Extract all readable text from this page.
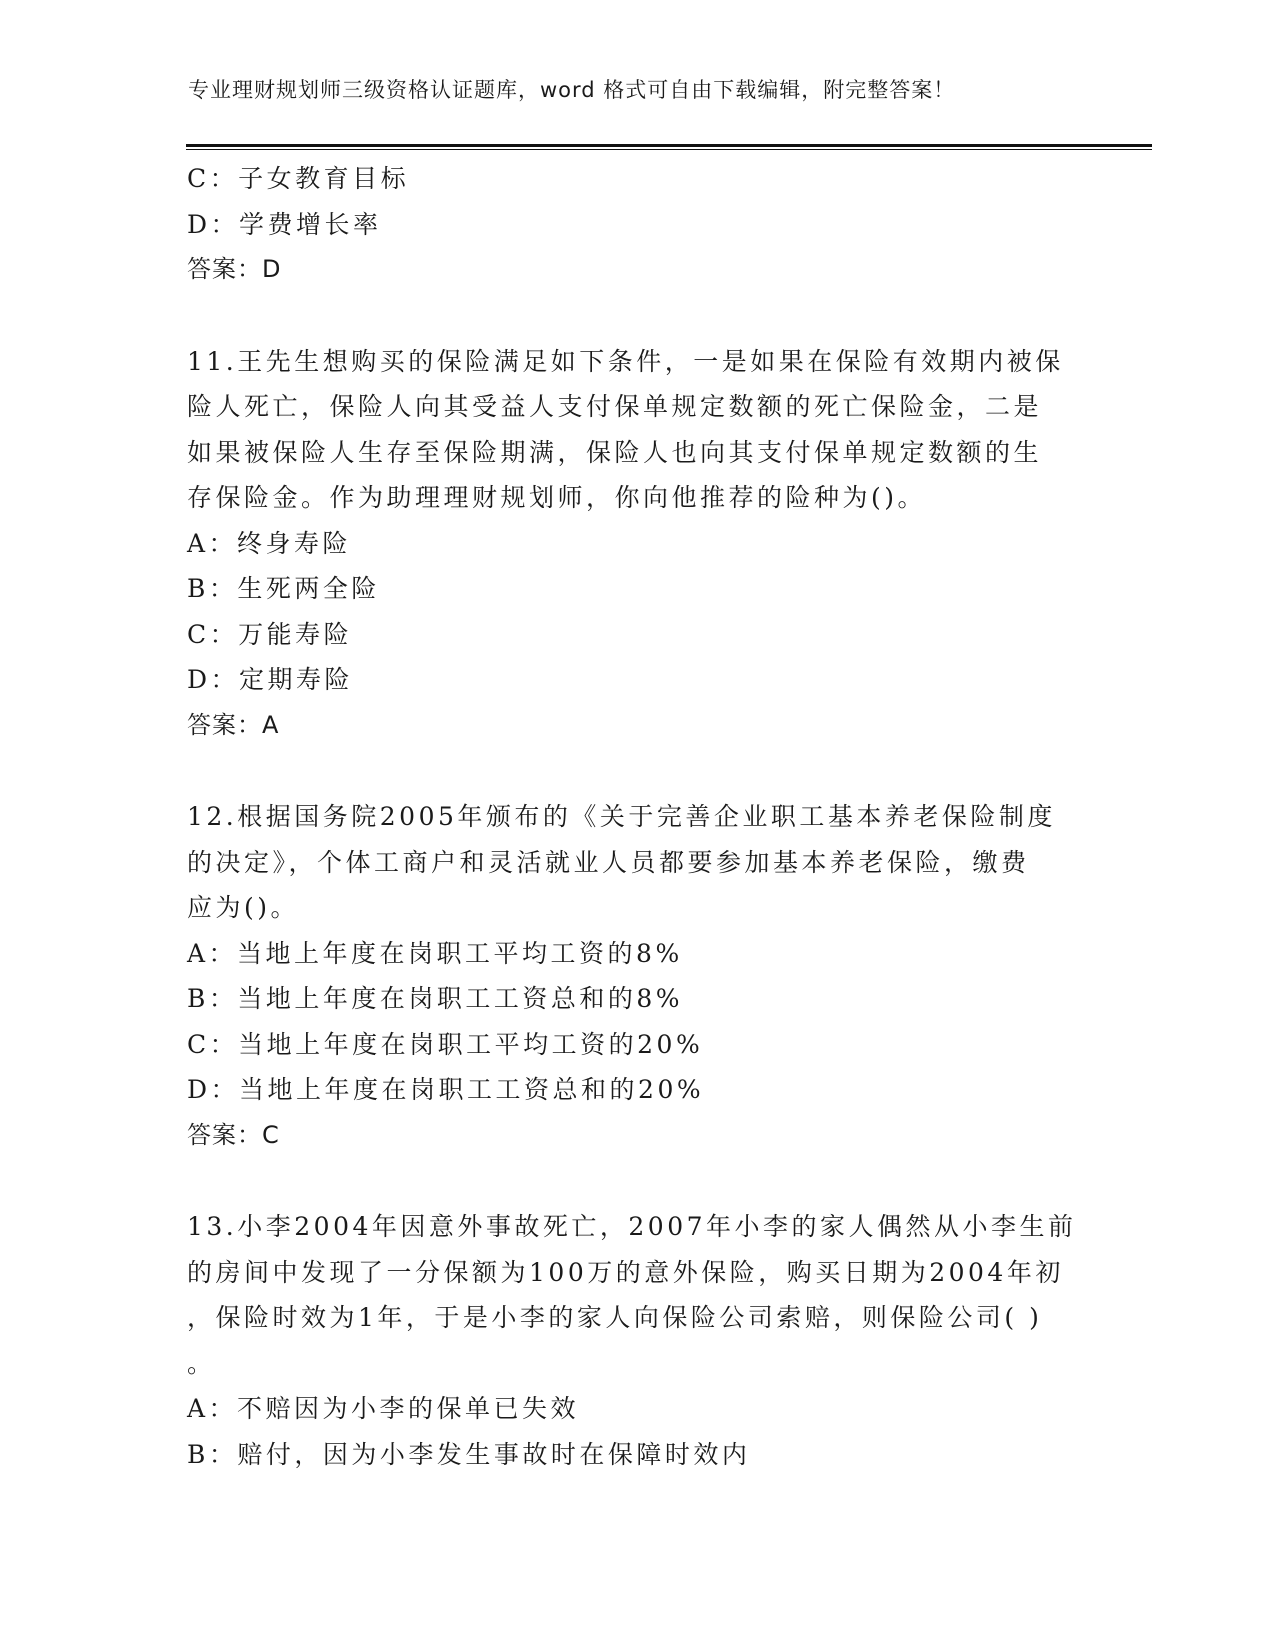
专业理财规划师三级资格认证题库，word 格式可自由下载编辑，附完整答案！
C：子女教育目标
D：学费增长率
答案：D
11.王先生想购买的保险满足如下条件，一是如果在保险有效期内被保
险人死亡，保险人向其受益人支付保单规定数额的死亡保险金，二是
如果被保险人生存至保险期满，保险人也向其支付保单规定数额的生
存保险金。作为助理理财规划师，你向他推荐的险种为()。
A：终身寿险
B：生死两全险
C：万能寿险
D：定期寿险
答案：A
12.根据国务院2005年颁布的《关于完善企业职工基本养老保险制度
的决定》，个体工商户和灵活就业人员都要参加基本养老保险，缴费
应为()。
A：当地上年度在岗职工平均工资的8%
B：当地上年度在岗职工工资总和的8%
C：当地上年度在岗职工平均工资的20%
D：当地上年度在岗职工工资总和的20%
答案：C
13.小李2004年因意外事故死亡，2007年小李的家人偶然从小李生前
的房间中发现了一分保额为100万的意外保险，购买日期为2004年初
，保险时效为1年，于是小李的家人向保险公司索赔，则保险公司( )
。
A：不赔因为小李的保单已失效
B：赔付，因为小李发生事故时在保障时效内
